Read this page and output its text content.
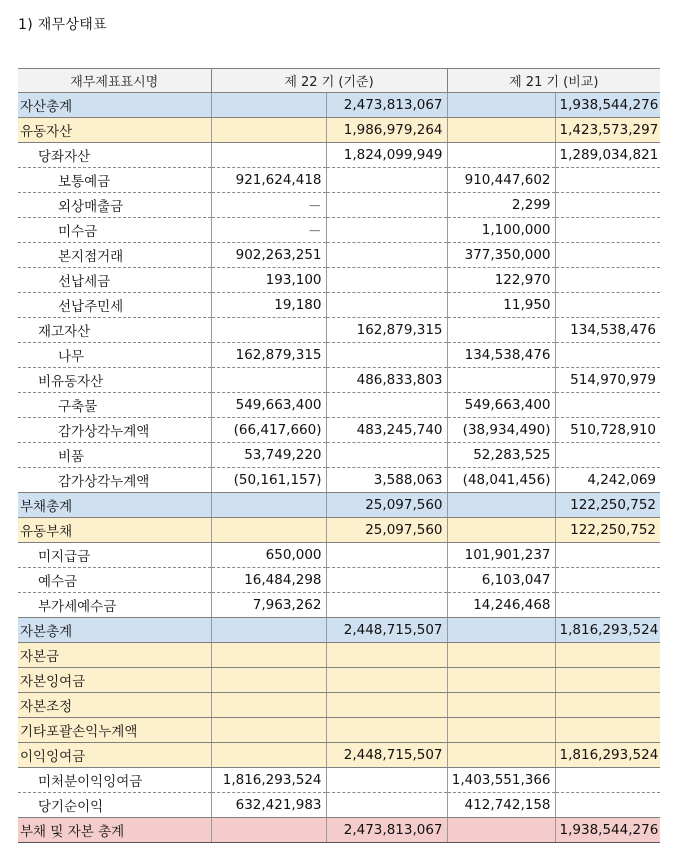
1) 재무상태표
재무제표표시명	제 22 기 (기준)		제 21 기 (비교)	
자산총계		2,473,813,067		1,938,544,276
유동자산		1,986,979,264		1,423,573,297
당좌자산		1,824,099,949		1,289,034,821
보통예금	921,624,418		910,447,602	
외상매출금	－		2,299	
미수금	－		1,100,000	
본지점거래	902,263,251		377,350,000	
선납세금	193,100		122,970	
선납주민세	19,180		11,950	
재고자산		162,879,315		134,538,476
나무	162,879,315		134,538,476	
비유동자산		486,833,803		514,970,979
구축물	549,663,400		549,663,400	
감가상각누계액	(66,417,660)	483,245,740	(38,934,490)	510,728,910
비품	53,749,220		52,283,525	
감가상각누계액	(50,161,157)	3,588,063	(48,041,456)	4,242,069
부채총계		25,097,560		122,250,752
유동부채		25,097,560		122,250,752
미지급금	650,000		101,901,237	
예수금	16,484,298		6,103,047	
부가세예수금	7,963,262		14,246,468	
자본총계		2,448,715,507		1,816,293,524
자본금				
자본잉여금				
자본조정				
기타포괄손익누계액				
이익잉여금		2,448,715,507		1,816,293,524
미처분이익잉여금	1,816,293,524		1,403,551,366	
당기순이익	632,421,983		412,742,158	
부채 및 자본 총계		2,473,813,067		1,938,544,276
